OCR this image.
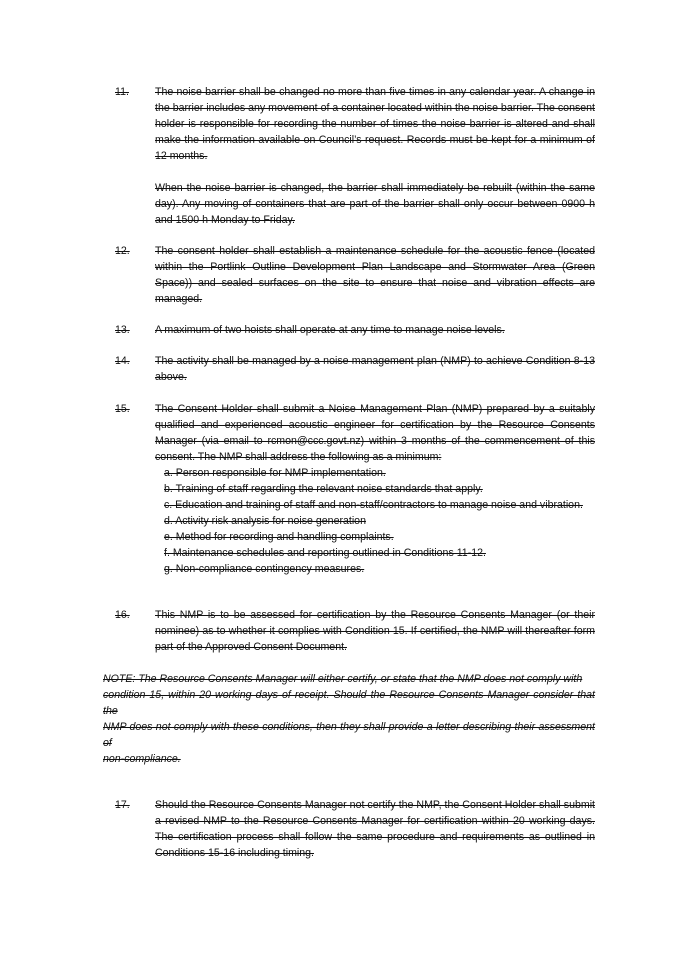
11.	The noise barrier shall be changed no more than five times in any calendar year. A change in the barrier includes any movement of a container located within the noise barrier. The consent holder is responsible for recording the number of times the noise barrier is altered and shall make the information available on Council’s request. Records must be kept for a minimum of 12 months.

When the noise barrier is changed, the barrier shall immediately be rebuilt (within the same day). Any moving of containers that are part of the barrier shall only occur between 0900 h and 1500 h Monday to Friday.

12.	The consent holder shall establish a maintenance schedule for the acoustic fence (located within the Portlink Outline Development Plan Landscape and Stormwater Area (Green Space)) and sealed surfaces on the site to ensure that noise and vibration effects are managed.

13.	A maximum of two hoists shall operate at any time to manage noise levels.

14.	The activity shall be managed by a noise management plan (NMP) to achieve Condition 8-13 above.

15.	The Consent Holder shall submit a Noise Management Plan (NMP) prepared by a suitably qualified and experienced acoustic engineer for certification by the Resource Consents Manager (via email to rcmon@ccc.govt.nz) within 3 months of the commencement of this consent. The NMP shall address the following as a minimum:

a. Person responsible for NMP implementation.
b. Training of staff regarding the relevant noise standards that apply.
c. Education and training of staff and non-staff/contractors to manage noise and vibration.
d. Activity risk analysis for noise generation
e. Method for recording and handling complaints.
f. Maintenance schedules and reporting outlined in Conditions 11-12.
g. Non-compliance contingency measures.
16.	This NMP is to be assessed for certification by the Resource Consents Manager (or their nominee) as to whether it complies with Condition 15. If certified, the NMP will thereafter form part of the Approved Consent Document.

NOTE: The Resource Consents Manager will either certify, or state that the NMP does not comply with

condition 15, within 20 working days of receipt. Should the Resource Consents Manager consider that the

NMP does not comply with these conditions, then they shall provide a letter describing their assessment of

non-compliance.

17.	Should the Resource Consents Manager not certify the NMP, the Consent Holder shall submit a revised NMP to the Resource Consents Manager for certification within 20 working days. The certification process shall follow the same procedure and requirements as outlined in Conditions 15-16 including timing.
